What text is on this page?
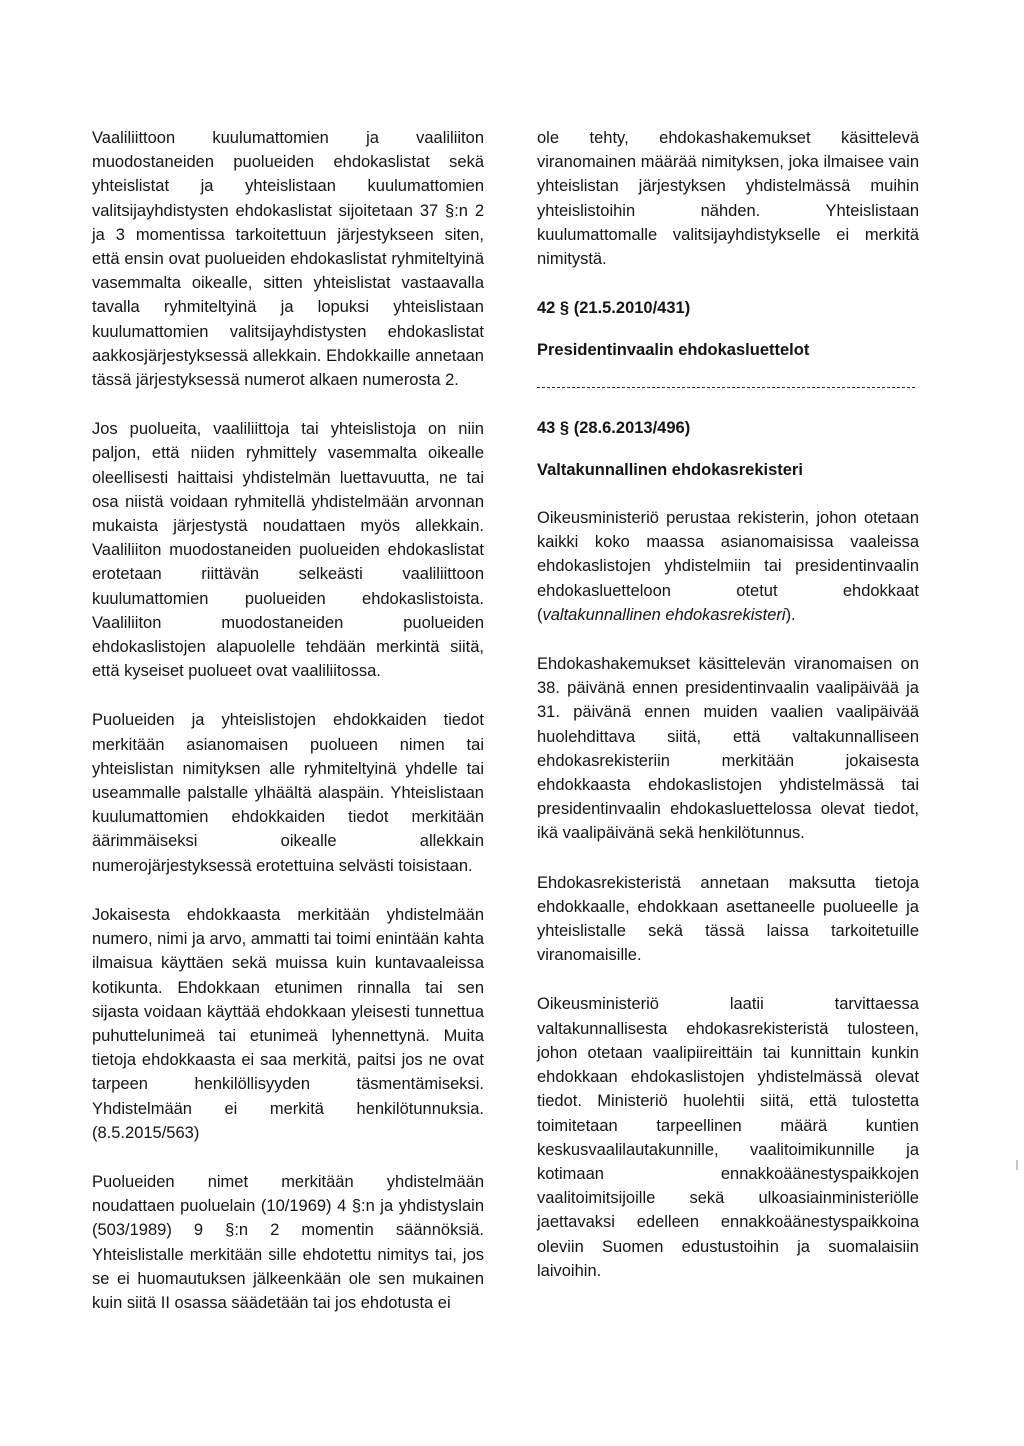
Vaaliliittoon kuulumattomien ja vaaliliiton muodostaneiden puolueiden ehdokaslistat sekä yhteislistat ja yhteislistaan kuulumattomien valitsijayhdistysten ehdokaslistat sijoitetaan 37 §:n 2 ja 3 momentissa tarkoitettuun järjestykseen siten, että ensin ovat puolueiden ehdokaslistat ryhmiteltyinä vasemmalta oikealle, sitten yhteislistat vastaavalla tavalla ryhmiteltyinä ja lopuksi yhteislistaan kuulumattomien valitsijayhdistysten ehdokaslistat aakkosjärjestyksessä allekkain. Ehdokkaille annetaan tässä järjestyksessä numerot alkaen numerosta 2.

Jos puolueita, vaaliliittoja tai yhteislistoja on niin paljon, että niiden ryhmittely vasemmalta oikealle oleellisesti haittaisi yhdistelmän luettavuutta, ne tai osa niistä voidaan ryhmitellä yhdistelmään arvonnan mukaista järjestystä noudattaen myös allekkain. Vaaliliiton muodostaneiden puolueiden ehdokaslistat erotetaan riittävän selkeästi vaaliliittoon kuulumattomien puolueiden ehdokaslistoista. Vaaliliiton muodostaneiden puolueiden ehdokaslistojen alapuolelle tehdään merkintä siitä, että kyseiset puolueet ovat vaaliliitossa.

Puolueiden ja yhteislistojen ehdokkaiden tiedot merkitään asianomaisen puolueen nimen tai yhteislistan nimityksen alle ryhmiteltyinä yhdelle tai useammalle palstalle ylhäältä alaspäin. Yhteislistaan kuulumattomien ehdokkaiden tiedot merkitään äärimmäiseksi oikealle allekkain numerojärjestyksessä erotettuina selvästi toisistaan.

Jokaisesta ehdokkaasta merkitään yhdistelmään numero, nimi ja arvo, ammatti tai toimi enintään kahta ilmaisua käyttäen sekä muissa kuin kuntavaaleissa kotikunta. Ehdokkaan etunimen rinnalla tai sen sijasta voidaan käyttää ehdokkaan yleisesti tunnettua puhuttelunimeä tai etunimeä lyhennettynä. Muita tietoja ehdokkaasta ei saa merkitä, paitsi jos ne ovat tarpeen henkilöllisyyden täsmentämiseksi. Yhdistelmään ei merkitä henkilötunnuksia. (8.5.2015/563)

Puolueiden nimet merkitään yhdistelmään noudattaen puoluelain (10/1969) 4 §:n ja yhdistyslain (503/1989) 9 §:n 2 momentin säännöksiä. Yhteislistalle merkitään sille ehdotettu nimitys tai, jos se ei huomautuksen jälkeenkään ole sen mukainen kuin siitä II osassa säädetään tai jos ehdotusta ei

ole tehty, ehdokashakemukset käsittelevä viranomainen määrää nimityksen, joka ilmaisee vain yhteislistan järjestyksen yhdistelmässä muihin yhteislistoihin nähden. Yhteislistaan kuulumattomalle valitsijayhdistykselle ei merkitä nimitystä.

42 § (21.5.2010/431)
Presidentinvaalin ehdokasluettelot
43 § (28.6.2013/496)
Valtakunnallinen ehdokasrekisteri

Oikeusministeriö perustaa rekisterin, johon otetaan kaikki koko maassa asianomaisissa vaaleissa ehdokaslistojen yhdistelmiin tai presidentinvaalin ehdokasluetteloon otetut ehdokkaat (valtakunnallinen ehdokasrekisteri).

Ehdokashakemukset käsittelevän viranomaisen on 38. päivänä ennen presidentinvaalin vaalipäivää ja 31. päivänä ennen muiden vaalien vaalipäivää huolehdittava siitä, että valtakunnalliseen ehdokasrekisteriin merkitään jokaisesta ehdokkaasta ehdokaslistojen yhdistelmässä tai presidentinvaalin ehdokasluettelossa olevat tiedot, ikä vaalipäivänä sekä henkilötunnus.

Ehdokasrekisteristä annetaan maksutta tietoja ehdokkaalle, ehdokkaan asettaneelle puolueelle ja yhteislistalle sekä tässä laissa tarkoitetuille viranomaisille.

Oikeusministeriö laatii tarvittaessa valtakunnallisesta ehdokasrekisteristä tulosteen, johon otetaan vaalipiireittäin tai kunnittain kunkin ehdokkaan ehdokaslistojen yhdistelmässä olevat tiedot. Ministeriö huolehtii siitä, että tulostetta toimitetaan tarpeellinen määrä kuntien keskusvaalilautakunnille, vaalitoimikunnille ja kotimaan ennakkoäänestyspaikkojen vaalitoimitsijoille sekä ulkoasiainministeriölle jaettavaksi edelleen ennakkoäänestyspaikkoina oleviin Suomen edustustoihin ja suomalaisiin laivoihin.
